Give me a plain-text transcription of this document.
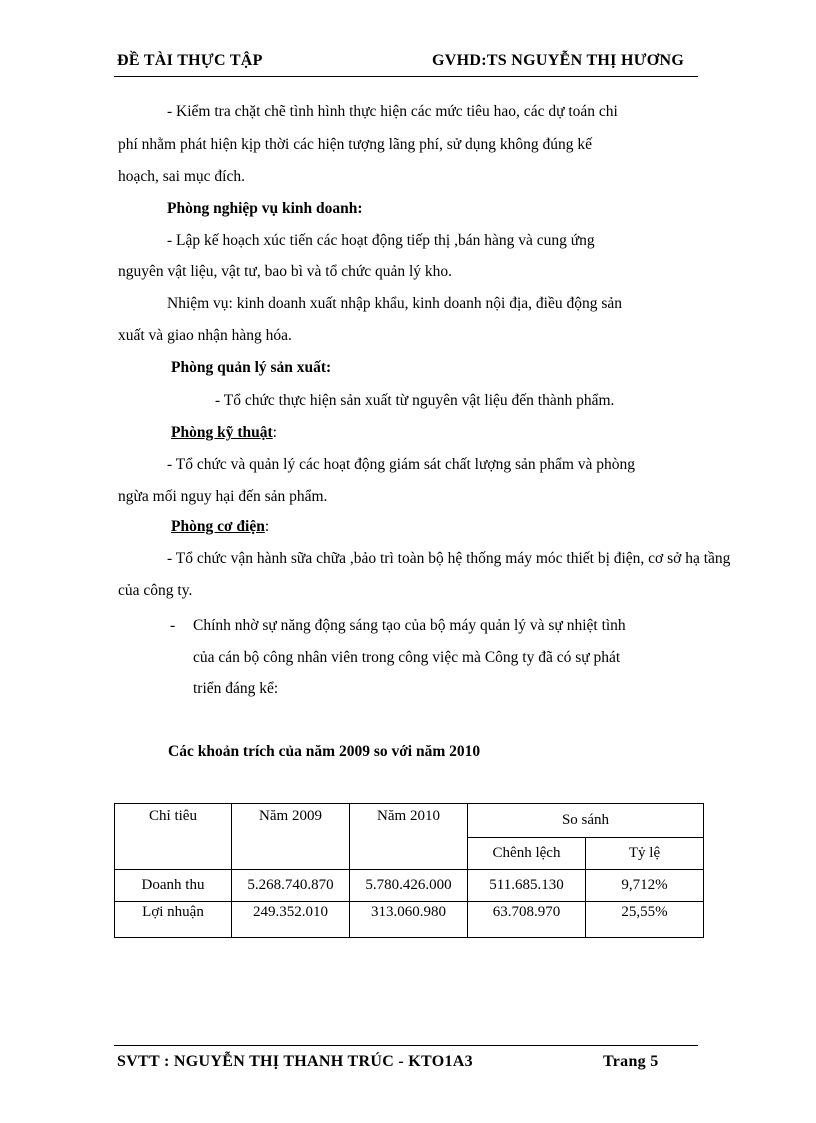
ĐỀ TÀI THỰC TẬP	GVHD:TS NGUYỄN THỊ HƯƠNG
- Kiểm tra chặt chẽ tình hình thực hiện các mức tiêu hao, các dự toán chi
phí nhằm phát hiện kịp thời các hiện tượng lãng phí, sử dụng không đúng kế
hoạch, sai mục đích.
Phòng nghiệp vụ kinh doanh:
- Lập kế hoạch xúc tiến các hoạt động tiếp thị ,bán hàng và cung ứng
nguyên vật liệu, vật tư, bao bì và tổ chức quản lý kho.
Nhiệm vụ: kinh doanh xuất nhập khẩu, kinh doanh nội địa, điều động sản
xuất và giao nhận hàng hóa.
Phòng quản lý sản xuất:
- Tổ chức thực hiện sản xuất từ nguyên vật liệu đến thành phẩm.
Phòng kỹ thuật:
- Tổ chức và quản lý các hoạt động giám sát chất lượng sản phẩm và phòng
ngừa mối nguy hại đến sản phẩm.
Phòng cơ điện:
- Tổ chức vận hành sữa chữa ,bảo trì toàn bộ hệ thống máy móc thiết bị điện, cơ sở hạ tầng
của công ty.
- Chính nhờ sự năng động sáng tạo của bộ máy quản lý và sự nhiệt tình
của cán bộ công nhân viên trong công việc mà Công ty đã có sự phát
triển đáng kể:
Các khoản trích của năm 2009 so với năm 2010
Chỉ tiêu	Năm 2009	Năm 2010	So sánh	
			Chênh lệch	Tỷ lệ
Doanh thu	5.268.740.870	5.780.426.000	511.685.130	9,712%
Lợi nhuận	249.352.010	313.060.980	63.708.970	25,55%
SVTT : NGUYỄN THỊ THANH TRÚC - KTO1A3	Trang 5
